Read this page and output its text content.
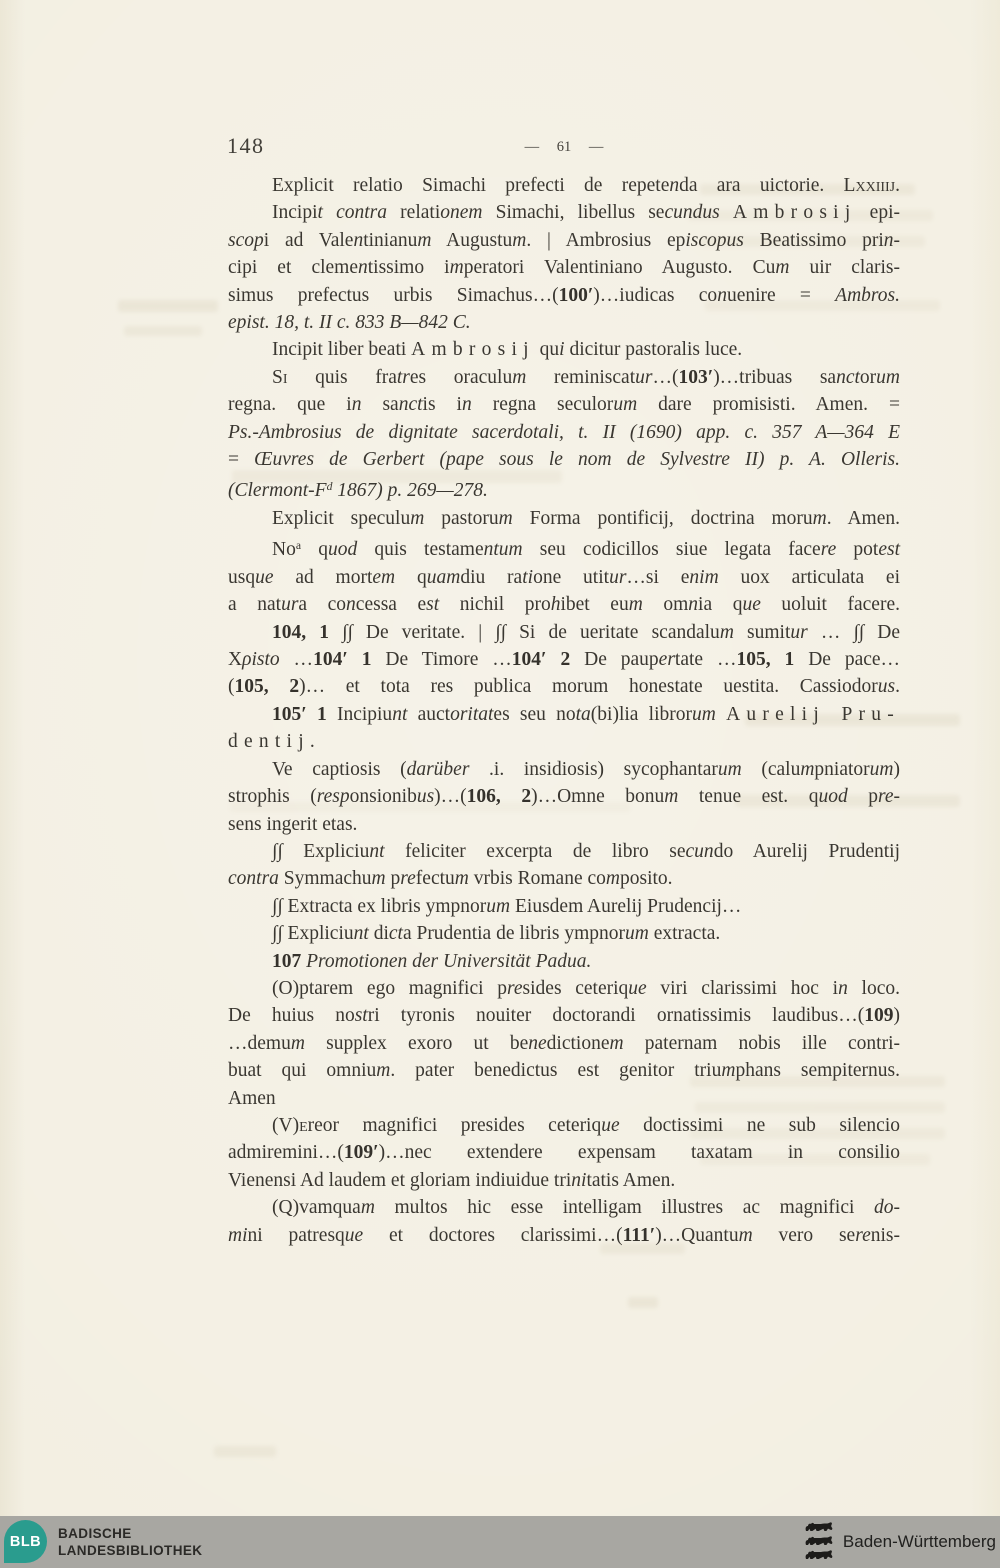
148	— 61 —
Explicit relatio Simachi prefecti de repetenda ara uictorie. Lxxiiij.
Incipit contra relationem Simachi, libellus secundus Ambrosij epi-
scopi ad Valentinianum Augustum. | Ambrosius episcopus Beatissimo prin-
cipi et clementissimo imperatori Valentiniano Augusto. Cum uir claris-
simus prefectus urbis Simachus…(100′)…iudicas conuenire = Ambros.
epist. 18, t. II c. 833 B—842 C.
Incipit liber beati Ambrosij qui dicitur pastoralis luce.
Si quis fratres oraculum reminiscatur…(103′)…tribuas sanctorum
regna. que in sanctis in regna seculorum dare promisisti. Amen. =
Ps.-Ambrosius de dignitate sacerdotali, t. II (1690) app. c. 357 A—364 E
= Œuvres de Gerbert (pape sous le nom de Sylvestre II) p. A. Olleris.
($Clermont-F^d$ 1867) p. 269—278.
Explicit speculum pastorum Forma pontificij, doctrina morum. Amen.
No$^a$ quod quis testamentum seu codicillos siue legata facere potest
usque ad mortem quamdiu ratione utitur…si enim uox articulata ei
a natura concessa est nichil prohibet eum omnia que uoluit facere.
104, 1 ∫∫ De veritate. | ∫∫ Si de ueritate scandalum sumitur … ∫∫ De
Xρisto …104′ 1 De Timore …104′ 2 De paupertate …105, 1 De pace…
(105, 2)… et tota res publica morum honestate uestita. Cassiodorus.
105′ 1 Incipiunt auctoritates seu nota(bi)lia librorum Aurelij Pru-
dentij.
Ve captiosis (darüber .i. insidiosis) sycophantarum (calumpniatorum)
strophis (responsionibus)…(106, 2)…Omne bonum tenue est. quod pre-
sens ingerit etas.
∫∫ Expliciunt feliciter excerpta de libro secundo Aurelij Prudentij
contra Symmachum prefectum vrbis Romane composito.
∫∫ Extracta ex libris ympnorum Eiusdem Aurelij Prudencij…
∫∫ Expliciunt dicta Prudentia de libris ympnorum extracta.
107 Promotionen der Universität Padua.
(O)ptarem ego magnifici presides ceterique viri clarissimi hoc in loco.
De huius nostri tyronis nouiter doctorandi ornatissimis laudibus…(109)
…demum supplex exoro ut benedictionem paternam nobis ille contri-
buat qui omnium. pater benedictus est genitor triumphans sempiternus.
Amen
(V)ereor magnifici presides ceterique doctissimi ne sub silencio
admiremini…(109′)…nec extendere expensam taxatam in consilio
Vienensi Ad laudem et gloriam indiuidue trinitatis Amen.
(Q)vamquam multos hic esse intelligam illustres ac magnifici do-
mini patresque et doctores clarissimi…(111′)…Quantum vero serenis-
BLB BADISCHE
LANDESBIBLIOTHEK	Baden-Württemberg
